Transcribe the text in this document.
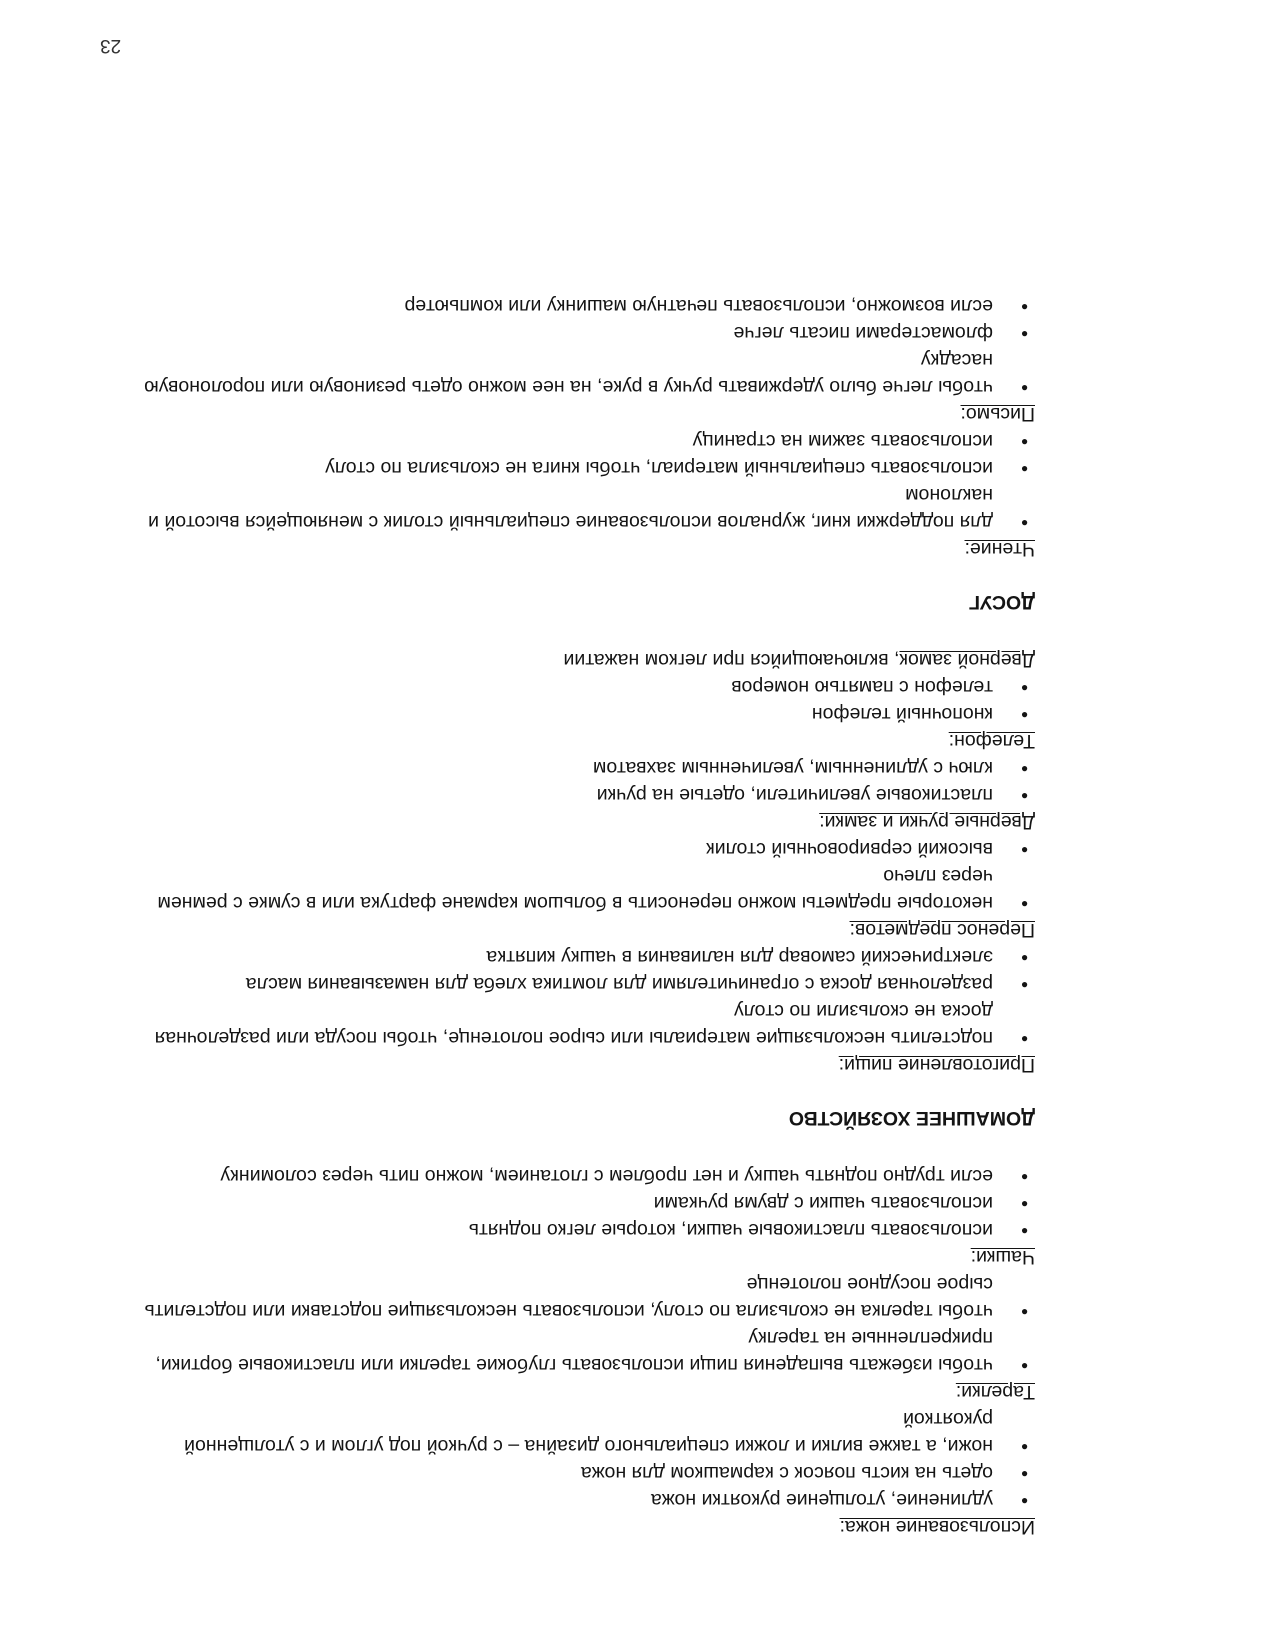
Использование ножа:

• удлинение, утолщение рукоятки ножа
• одеть на кисть поясок с кармашком для ножа
• ножи, а также вилки и ложки специального дизайна – с ручкой под углом и с утолщенной рукояткой

Тарелки:

• чтобы избежать выпадения пищи использовать глубокие тарелки или пластиковые бортики, прикрепленные на тарелку
• чтобы тарелка не скользила по столу, использовать нескользящие подставки или подстелить сырое посудное полотенце

Чашки:

• использовать пластиковые чашки, которые легко поднять
• использовать чашки с двумя ручками
• если трудно поднять чашку и нет проблем с глотанием, можно пить через соломинку
ДОМАШНЕЕ ХОЗЯЙСТВО

Приготовление пищи:

• подстелить нескользящие материалы или сырое полотенце, чтобы посуда или разделочная доска не скользили по столу
• разделочная доска с ограничителями для ломтика хлеба для намазывания масла
• электрический самовар для наливания в чашку кипятка

Перенос предметов:

• некоторые предметы можно переносить в большом кармане фартука или в сумке с ремнем через плечо
• высокий сервировочный столик

Дверные ручки и замки:

• пластиковые увеличители, одетые на ручки
• ключ с удлиненным, увеличенным захватом

Телефон:

• кнопочный телефон
• телефон с памятью номеров

Дверной замок, включающийся при легком нажатии

ДОСУГ

Чтение:

• для поддержки книг, журналов использование специальный столик с меняющейся высотой и наклоном
• использовать специальный материал, чтобы книга не скользила по столу
• использовать зажим на страницу

Письмо:

• чтобы легче было удерживать ручку в руке, на нее можно одеть резиновую или поролоновую насадку
• фломастерами писать легче
• если возможно, использовать печатную машинку или компьютер
23
